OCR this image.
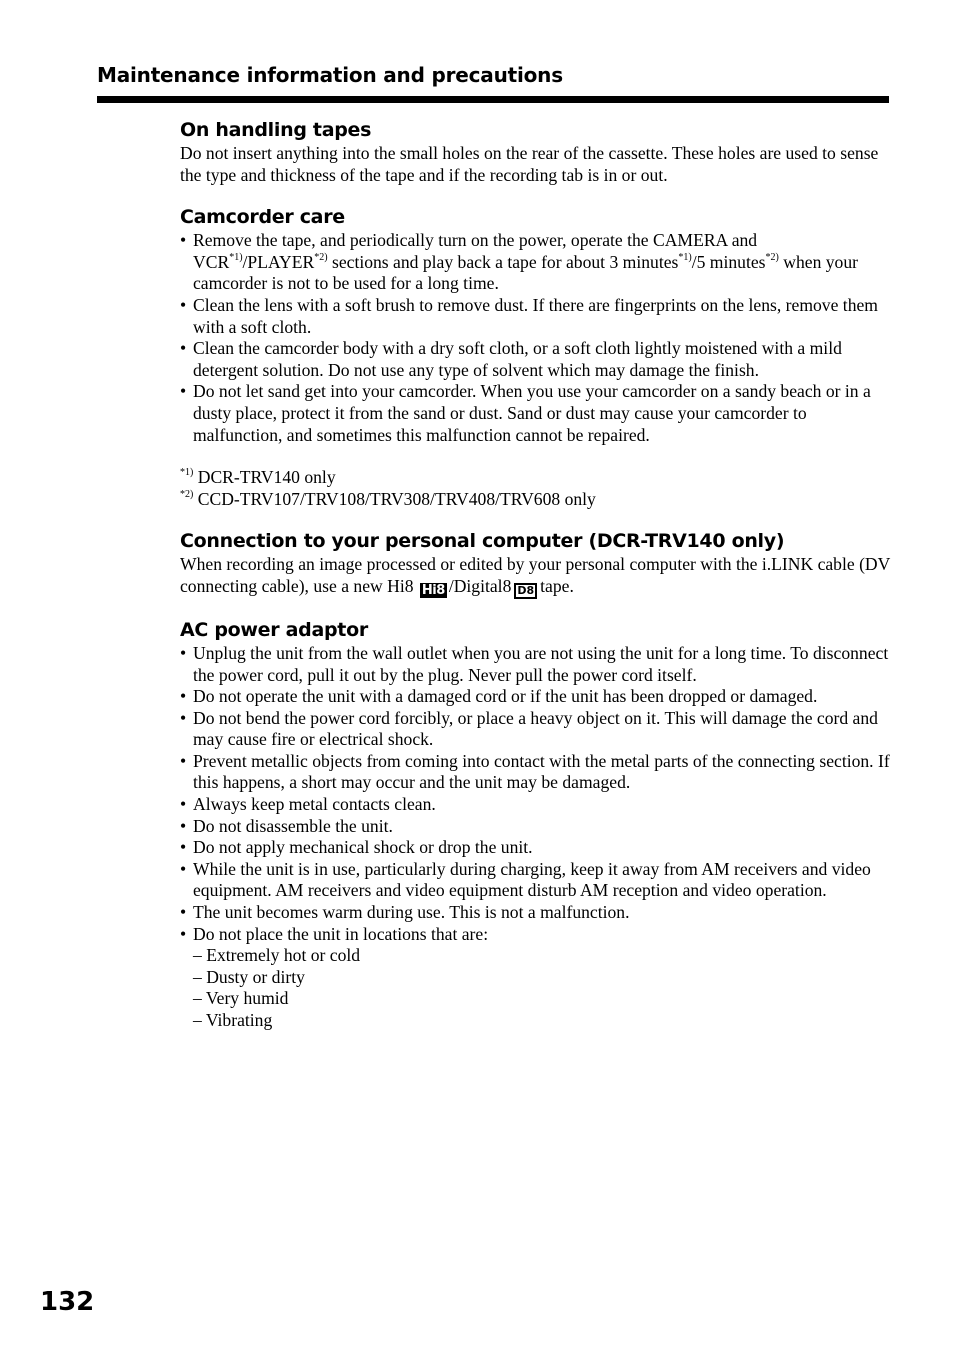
Maintenance information and precautions
On handling tapes

Do not insert anything into the small holes on the rear of the cassette. These holes are used to sense the type and thickness of the tape and if the recording tab is in or out.

Camcorder care
• Remove the tape, and periodically turn on the power, operate the CAMERA and VCR$^{*1)}$/PLAYER$^{*2)}$ sections and play back a tape for about 3 minutes$^{*1)}$/5 minutes$^{*2)}$ when your camcorder is not to be used for a long time.
• Clean the lens with a soft brush to remove dust. If there are fingerprints on the lens, remove them with a soft cloth.
• Clean the camcorder body with a dry soft cloth, or a soft cloth lightly moistened with a mild detergent solution. Do not use any type of solvent which may damage the finish.
• Do not let sand get into your camcorder. When you use your camcorder on a sandy beach or in a dusty place, protect it from the sand or dust. Sand or dust may cause your camcorder to malfunction, and sometimes this malfunction cannot be repaired.

$^{*1)}$ DCR-TRV140 only

$^{*2)}$ CCD-TRV107/TRV108/TRV308/TRV408/TRV608 only

Connection to your personal computer (DCR-TRV140 only)

When recording an image processed or edited by your personal computer with the i.LINK cable (DV connecting cable), use a new Hi8 Hi8 /Digital8 D8 tape.

AC power adaptor
• Unplug the unit from the wall outlet when you are not using the unit for a long time. To disconnect the power cord, pull it out by the plug. Never pull the power cord itself.
• Do not operate the unit with a damaged cord or if the unit has been dropped or damaged.
• Do not bend the power cord forcibly, or place a heavy object on it. This will damage the cord and may cause fire or electrical shock.
• Prevent metallic objects from coming into contact with the metal parts of the connecting section. If this happens, a short may occur and the unit may be damaged.
• Always keep metal contacts clean.
• Do not disassemble the unit.
• Do not apply mechanical shock or drop the unit.
• While the unit is in use, particularly during charging, keep it away from AM receivers and video equipment. AM receivers and video equipment disturb AM reception and video operation.
• The unit becomes warm during use. This is not a malfunction.
• Do not place the unit in locations that are:
– Extremely hot or cold
– Dusty or dirty
– Very humid
– Vibrating
132
